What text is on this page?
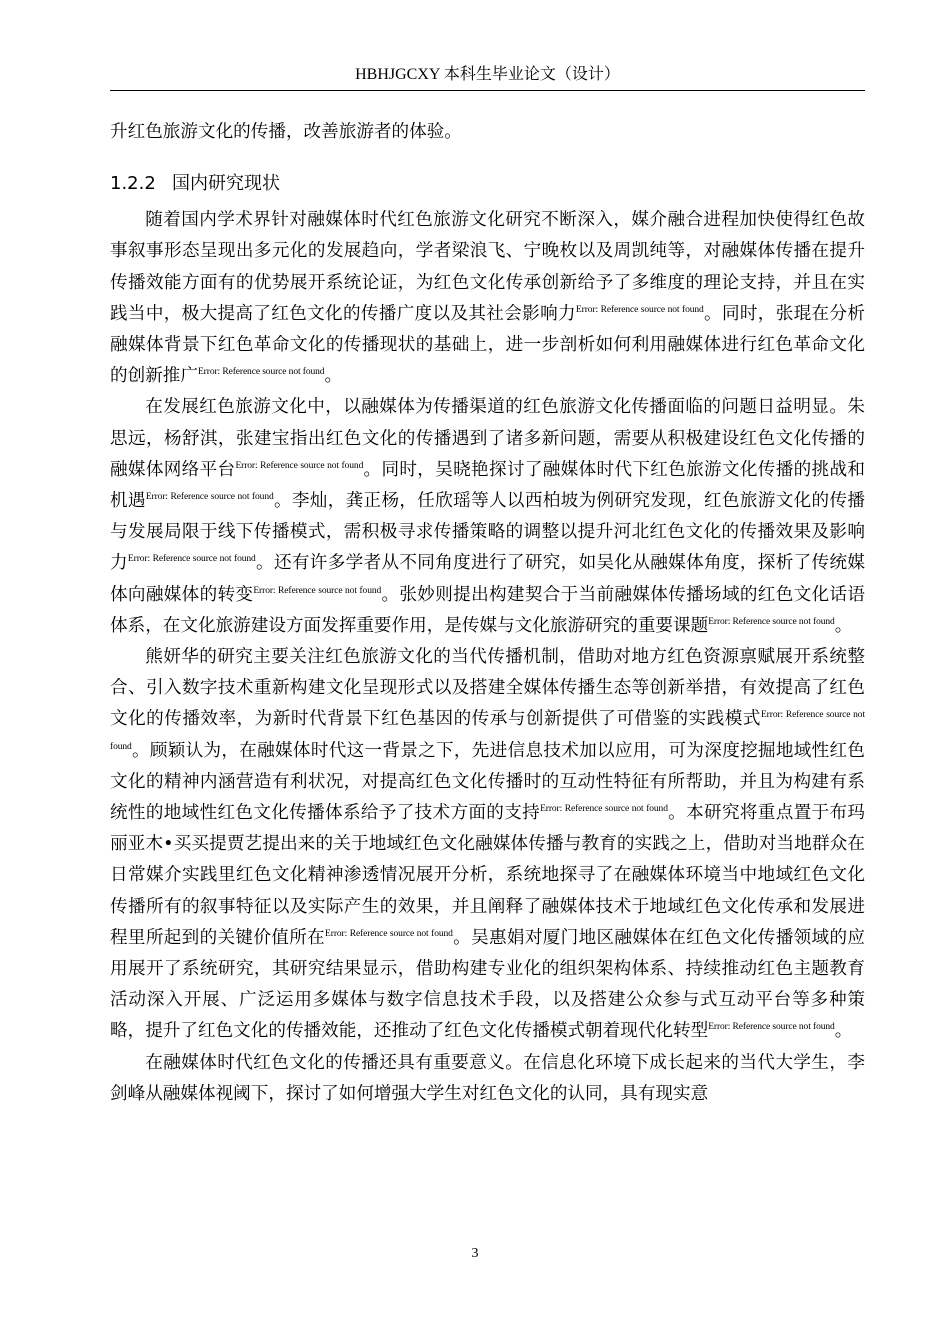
HBHJGCXY 本科生毕业论文（设计）

升红色旅游文化的传播，改善旅游者的体验。

1.2.2 国内研究现状

随着国内学术界针对融媒体时代红色旅游文化研究不断深入，媒介融合进程加快使得红色故事叙事形态呈现出多元化的发展趋向，学者梁浪飞、宁晚枚以及周凯纯等，对融媒体传播在提升传播效能方面有的优势展开系统论证，为红色文化传承创新给予了多维度的理论支持，并且在实践当中，极大提高了红色文化的传播广度以及其社会影响力$^{Error: Reference source not found}$。同时，张琨在分析融媒体背景下红色革命文化的传播现状的基础上，进一步剖析如何利用融媒体进行红色革命文化的创新推广$^{Error: Reference source not found}$。

在发展红色旅游文化中，以融媒体为传播渠道的红色旅游文化传播面临的问题日益明显。朱思远，杨舒淇，张建宝指出红色文化的传播遇到了诸多新问题，需要从积极建设红色文化传播的融媒体网络平台$^{Error: Reference source not found}$。同时，吴晓艳探讨了融媒体时代下红色旅游文化传播的挑战和机遇$^{Error: Reference source not found}$。李灿，龚正杨，任欣瑶等人以西柏坡为例研究发现，红色旅游文化的传播与发展局限于线下传播模式，需积极寻求传播策略的调整以提升河北红色文化的传播效果及影响力$^{Error: Reference source not found}$。还有许多学者从不同角度进行了研究，如吴化从融媒体角度，探析了传统媒体向融媒体的转变$^{Error: Reference source not found}$。张妙则提出构建契合于当前融媒体传播场域的红色文化话语体系，在文化旅游建设方面发挥重要作用，是传媒与文化旅游研究的重要课题$^{Error: Reference source not found}$。

熊妍华的研究主要关注红色旅游文化的当代传播机制，借助对地方红色资源禀赋展开系统整合、引入数字技术重新构建文化呈现形式以及搭建全媒体传播生态等创新举措，有效提高了红色文化的传播效率，为新时代背景下红色基因的传承与创新提供了可借鉴的实践模式$^{Error: Reference source not found}$。顾颖认为，在融媒体时代这一背景之下，先进信息技术加以应用，可为深度挖掘地域性红色文化的精神内涵营造有利状况，对提高红色文化传播时的互动性特征有所帮助，并且为构建有系统性的地域性红色文化传播体系给予了技术方面的支持$^{Error: Reference source not found}$。本研究将重点置于布玛丽亚木•买买提贾艺提出来的关于地域红色文化融媒体传播与教育的实践之上，借助对当地群众在日常媒介实践里红色文化精神渗透情况展开分析，系统地探寻了在融媒体环境当中地域红色文化传播所有的叙事特征以及实际产生的效果，并且阐释了融媒体技术于地域红色文化传承和发展进程里所起到的关键价值所在$^{Error: Reference source not found}$。吴惠娟对厦门地区融媒体在红色文化传播领域的应用展开了系统研究，其研究结果显示，借助构建专业化的组织架构体系、持续推动红色主题教育活动深入开展、广泛运用多媒体与数字信息技术手段，以及搭建公众参与式互动平台等多种策略，提升了红色文化的传播效能，还推动了红色文化传播模式朝着现代化转型$^{Error: Reference source not found}$。

在融媒体时代红色文化的传播还具有重要意义。在信息化环境下成长起来的当代大学生，李剑峰从融媒体视阈下，探讨了如何增强大学生对红色文化的认同，具有现实意

3
